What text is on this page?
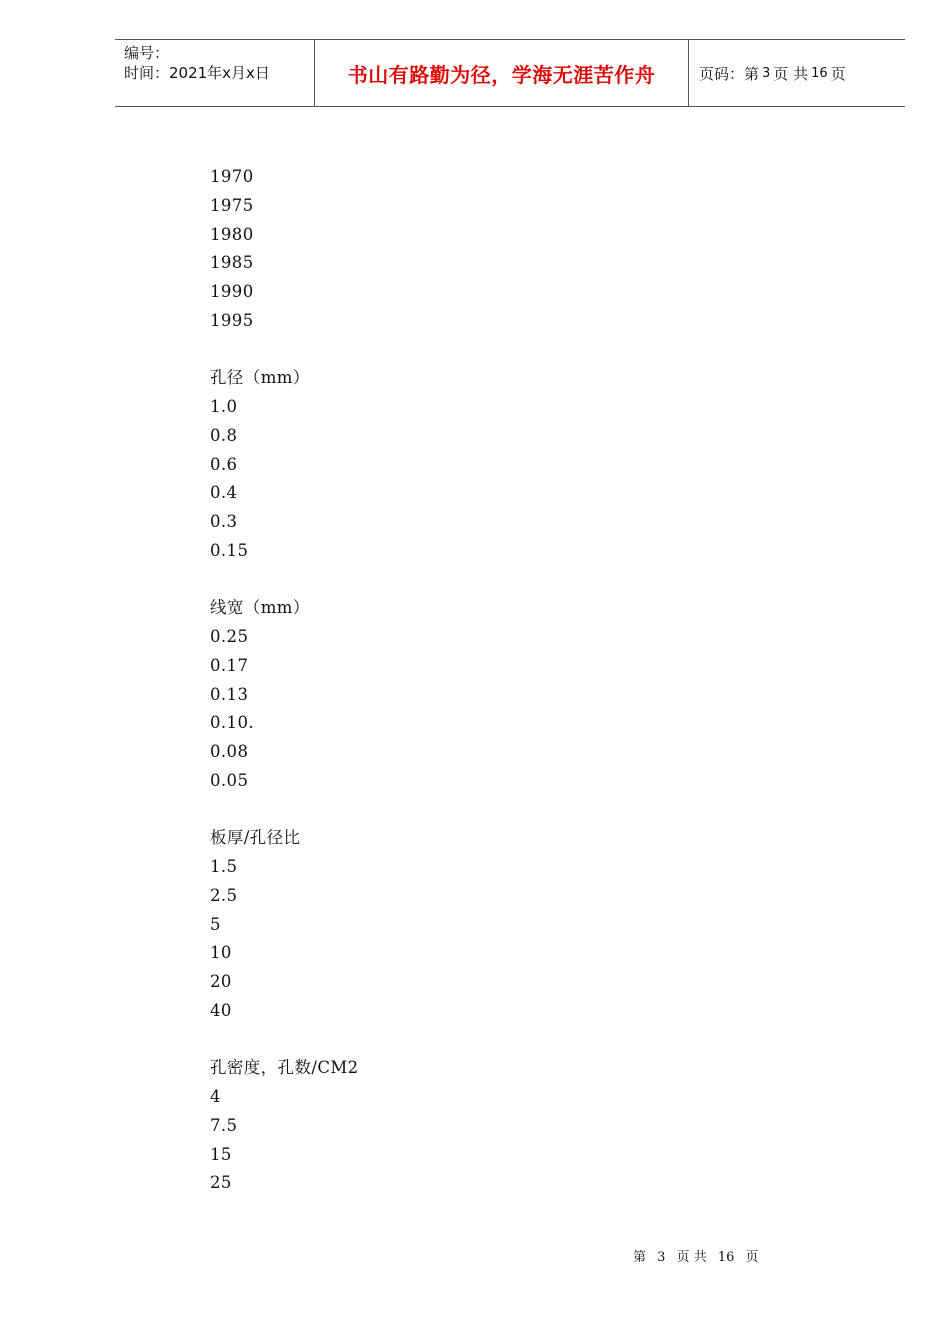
编号：
时间：2021年x月x日	书山有路勤为径，学海无涯苦作舟	页码：第 3 页 共 16 页
1970
1975
1980
1985
1990
1995
孔径（mm）
1.0
0.8
0.6
0.4
0.3
0.15
线宽（mm）
0.25
0.17
0.13
0.10.
0.08
0.05
板厚/孔径比
1.5
2.5
5
10
20
40
孔密度，孔数/CM2
4
7.5
15
25
第 3 页 共 16 页
